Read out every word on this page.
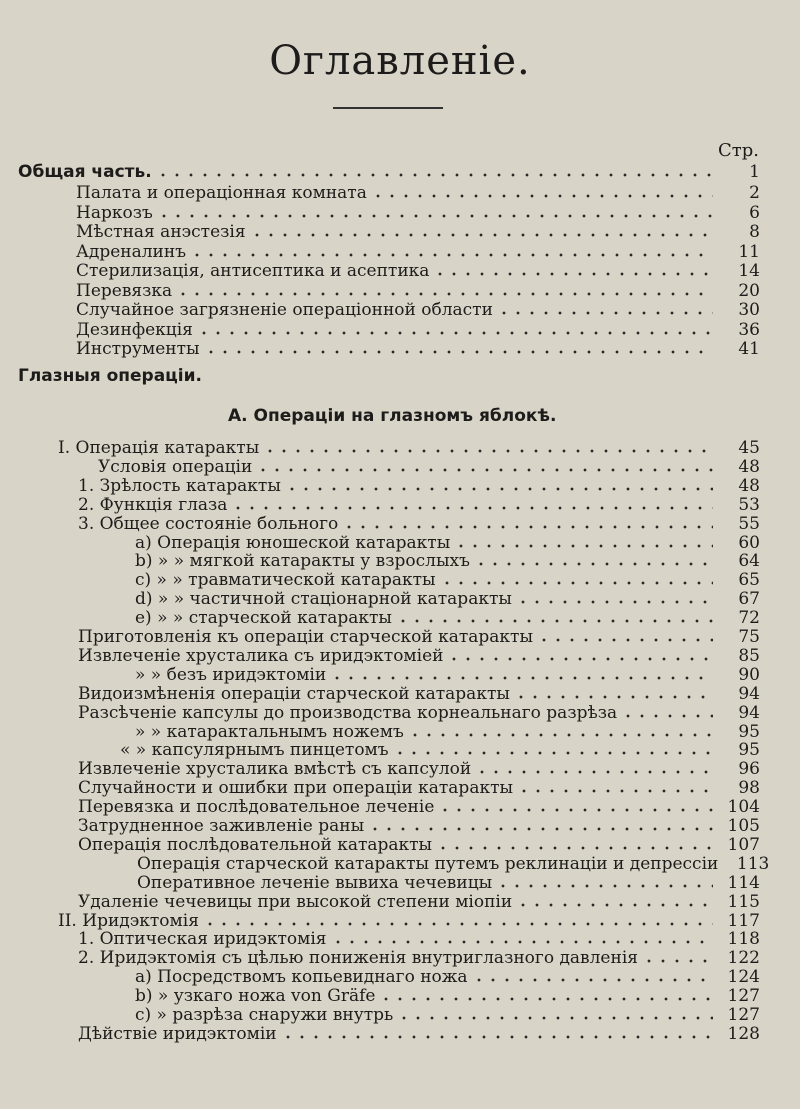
Оглавленіе.
Стр.
Общая часть.	1
Палата и операціонная комната	2
Наркозъ	6
Мѣстная анэстезія	8
Адреналинъ	11
Стерилизація, антисептика и асептика	14
Перевязка	20
Случайное загрязненіе операціонной области	30
Дезинфекція	36
Инструменты	41
Глазныя операціи.
А. Операціи на глазномъ яблокѣ.
I. Операція катаракты	45
Условія операціи	48
1. Зрѣлость катаракты	48
2. Функція глаза	53
3. Общее состояніе больного	55
a) Операція юношеской катаракты	60
b) » » мягкой катаракты у взрослыхъ	64
c) » » травматической катаракты	65
d) » » частичной стаціонарной катаракты	67
e) » » старческой катаракты	72
Приготовленія къ операціи старческой катаракты	75
Извлеченіе хрусталика съ иридэктоміей	85
» » безъ иридэктоміи	90
Видоизмѣненія операціи старческой катаракты	94
Разсѣченіе капсулы до производства корнеальнаго разрѣза	94
» » катарактальнымъ ножемъ	95
« » капсулярнымъ пинцетомъ	95
Извлеченіе хрусталика вмѣстѣ съ капсулой	96
Случайности и ошибки при операціи катаракты	98
Перевязка и послѣдовательное леченіе	104
Затрудненное заживленіе раны	105
Операція послѣдовательной катаракты	107
Операція старческой катаракты путемъ реклинаціи и депрессіи	113
Оперативное леченіе вывиха чечевицы	114
Удаленіе чечевицы при высокой степени міопіи	115
II. Иридэктомія	117
1. Оптическая иридэктомія	118
2. Иридэктомія съ цѣлью пониженія внутриглазного давленія	122
a) Посредствомъ копьевиднаго ножа	124
b) » узкаго ножа von Gräfe	127
c) » разрѣза снаружи внутрь	127
Дѣйствіе иридэктоміи	128
